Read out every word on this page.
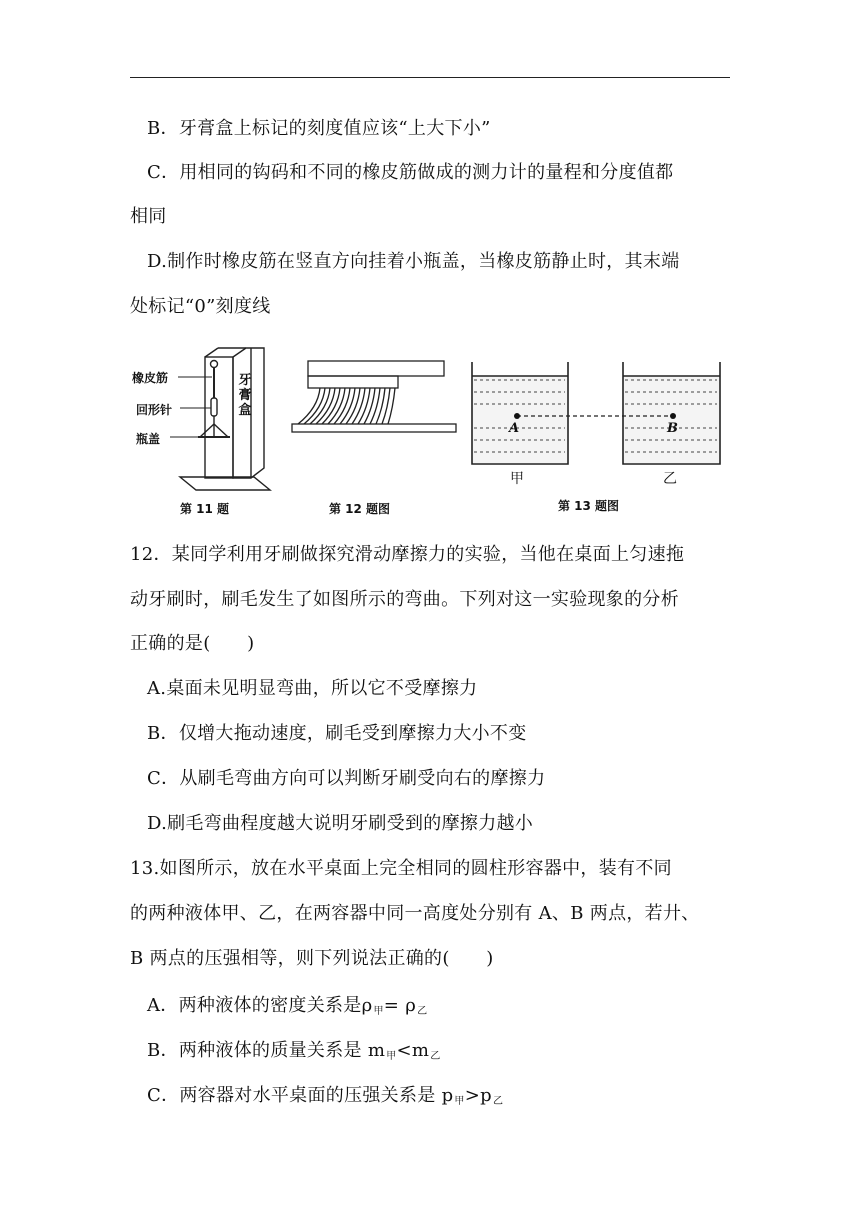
B．牙膏盒上标记的刻度值应该“上大下小”
C．用相同的钩码和不同的橡皮筋做成的测力计的量程和分度值都
相同
D.制作时橡皮筋在竖直方向挂着小瓶盖，当橡皮筋静止时，其末端
处标记“0”刻度线
橡皮筋
回形针
瓶盖
牙膏盒
第 11 题	第 12 题图
A	B
甲	乙
第 13 题图
12．某同学利用牙刷做探究滑动摩擦力的实验，当他在桌面上匀速拖
动牙刷时，刷毛发生了如图所示的弯曲。下列对这一实验现象的分析
正确的是(　　)
A.桌面未见明显弯曲，所以它不受摩擦力
B．仅增大拖动速度，刷毛受到摩擦力大小不变
C．从刷毛弯曲方向可以判断牙刷受向右的摩擦力
D.刷毛弯曲程度越大说明牙刷受到的摩擦力越小
13.如图所示，放在水平桌面上完全相同的圆柱形容器中，装有不同
的两种液体甲、乙，在两容器中同一高度处分别有 A、B 两点，若廾、
B 两点的压强相等，则下列说法正确的(　　)
A．两种液体的密度关系是$\rho_甲= \rho_乙$
B．两种液体的质量关系是 $m_甲<m_乙$
C．两容器对水平桌面的压强关系是 $p_甲>p_乙$
